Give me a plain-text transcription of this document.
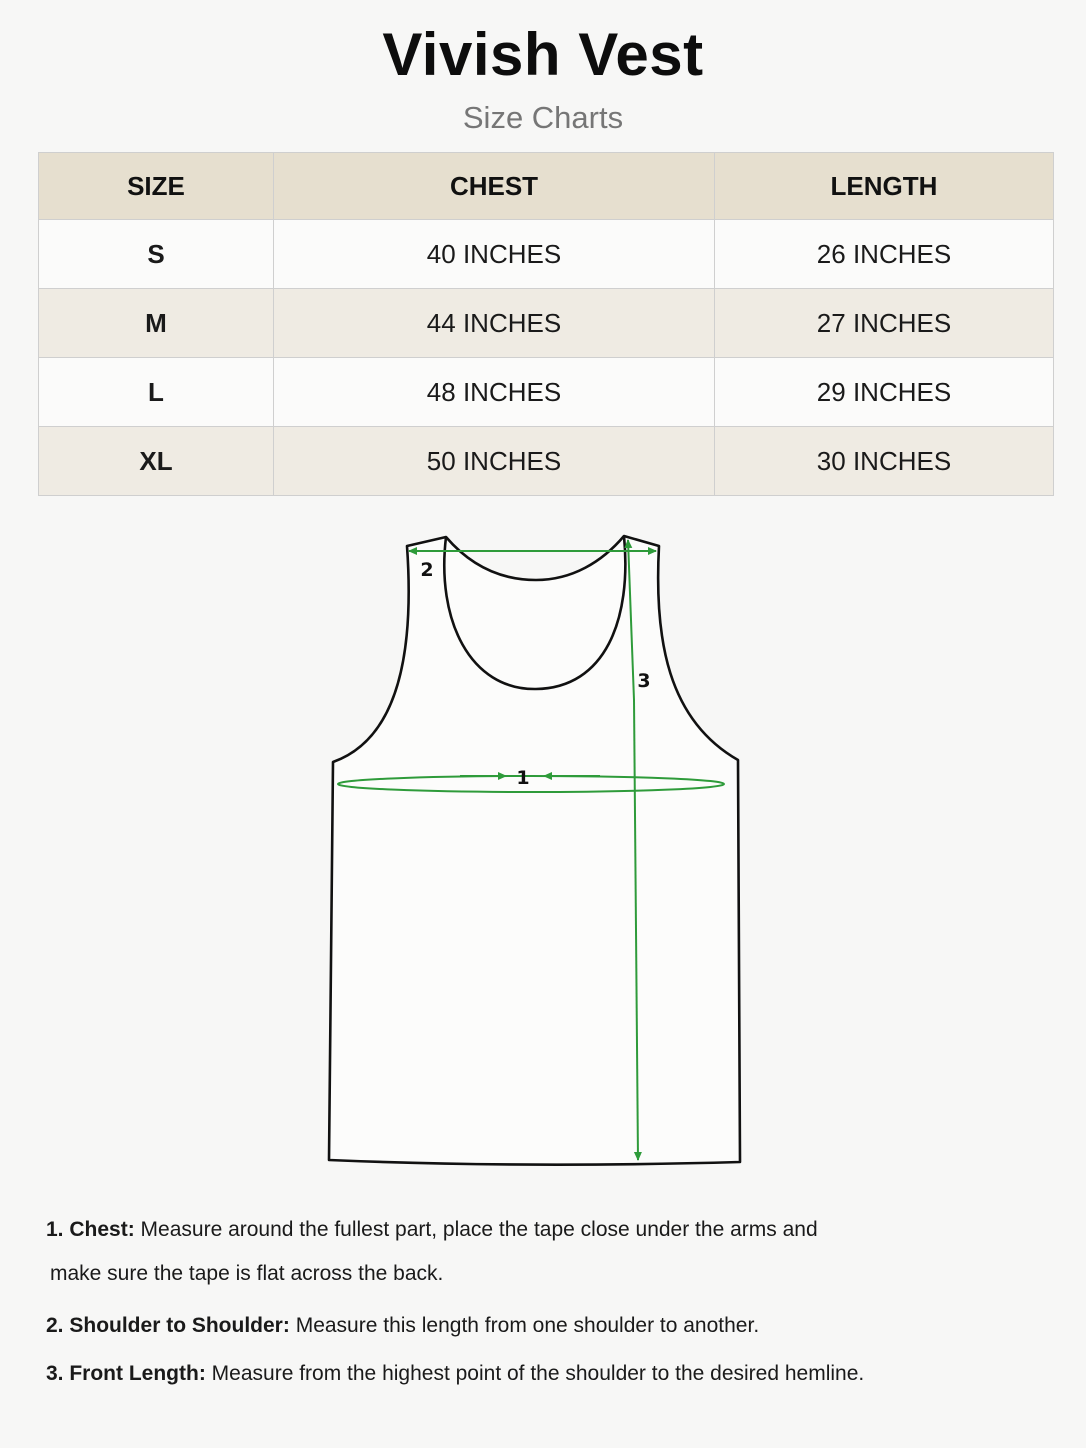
Vivish Vest
Size Charts
SIZE	CHEST	LENGTH
S	40 INCHES	26 INCHES
M	44 INCHES	27 INCHES
L	48 INCHES	29 INCHES
XL	50 INCHES	30 INCHES
1
2
3
1. Chest: Measure around the fullest part, place the tape close under the arms and
make sure the tape is flat across the back.
2. Shoulder to Shoulder: Measure this length from one shoulder to another.
3. Front Length: Measure from the highest point of the shoulder to the desired hemline.
